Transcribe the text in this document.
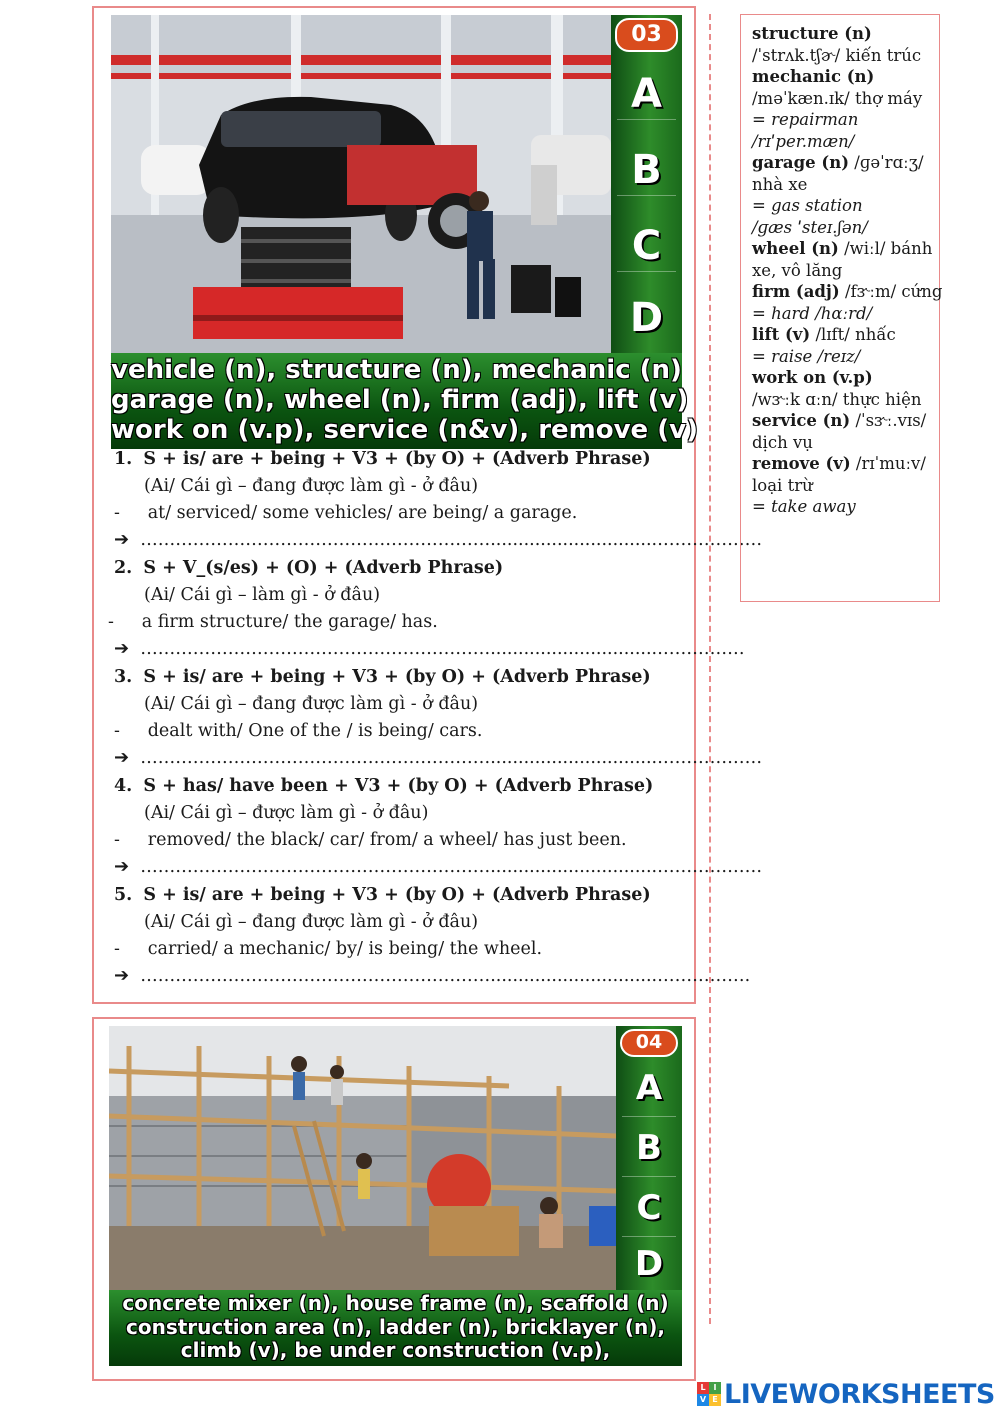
03
A
B
C
D
vehicle (n), structure (n), mechanic (n)
garage (n), wheel (n), firm (adj), lift (v)
work on (v.p), service (n&v), remove (v)
1. S + is/ are + being + V3 + (by O) + (Adverb Phrase)
(Ai/ Cái gì – đang được làm gì - ở đâu)
-     at/ serviced/ some vehicles/ are being/ a garage.
➔ ……………………………………………………..............................………………
2. S + V_(s/es) + (O) + (Adverb Phrase)
(Ai/ Cái gì – làm gì - ở đâu)
-     a firm structure/ the garage/ has.
➔ ……………………………………………………..............................……………
3. S + is/ are + being + V3 + (by O) + (Adverb Phrase)
(Ai/ Cái gì – đang được làm gì - ở đâu)
-     dealt with/ One of the / is being/ cars.
➔ ……………………………………………………..............................………………
4. S + has/ have been + V3 + (by O) + (Adverb Phrase)
(Ai/ Cái gì – được làm gì - ở đâu)
-     removed/ the black/ car/ from/ a wheel/ has just been.
➔ ……………………………………………………..............................………………
5. S + is/ are + being + V3 + (by O) + (Adverb Phrase)
(Ai/ Cái gì – đang được làm gì - ở đâu)
-     carried/ a mechanic/ by/ is being/ the wheel.
➔ ……………………………………………………..............................…………….
structure (n)
/ˈstrʌk.tʃɚ/ kiến trúc
mechanic (n)
/məˈkæn.ɪk/ thợ máy
= repairman
/rɪˈper.mæn/
garage (n) /ɡəˈrɑːʒ/
nhà xe
= gas station
/ɡæs ˈsteɪ.ʃən/
wheel (n) /wiːl/ bánh
xe, vô lăng
firm (adj) /fɝːm/ cứng
= hard /hɑːrd/
lift (v) /lɪft/ nhấc
= raise /reɪz/
work on (v.p)
/wɝːk ɑːn/ thực hiện
service (n) /ˈsɝː.vɪs/
dịch vụ
remove (v) /rɪˈmuːv/
loại trừ
= take away
04
A
B
C
D
concrete mixer (n), house frame (n), scaffold (n)
construction area (n), ladder (n), bricklayer (n),
climb (v), be under construction (v.p),
L I
V E LIVEWORKSHEETS
